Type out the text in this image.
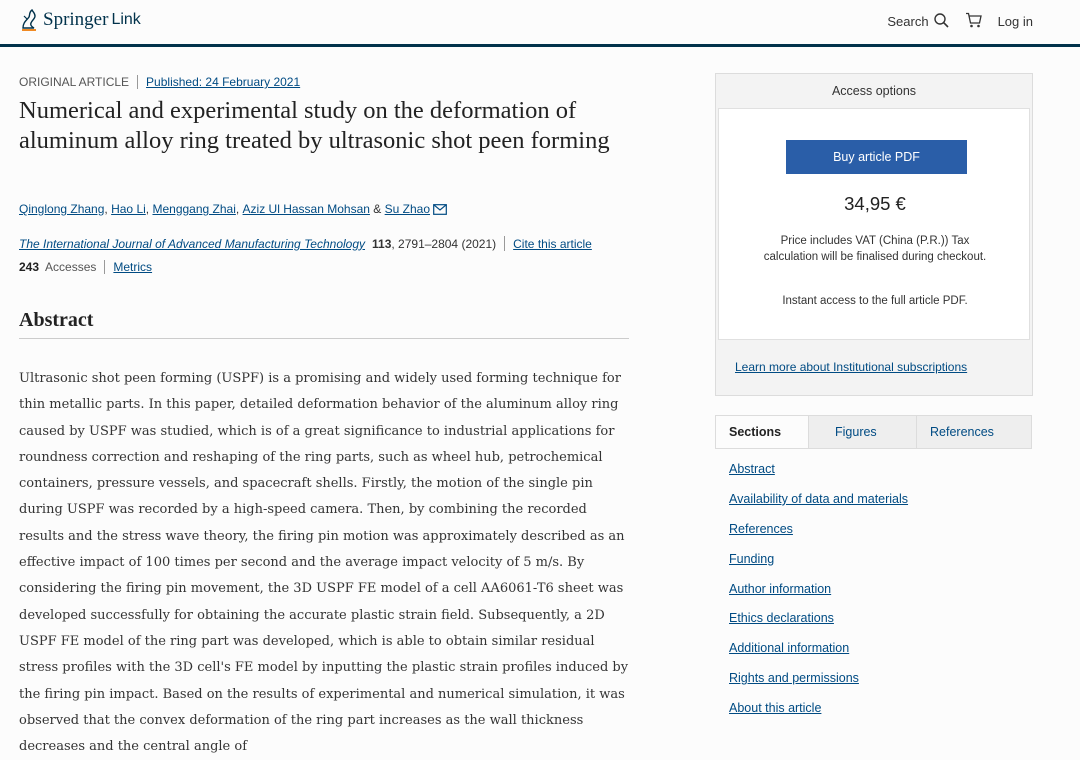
Springer Link	Search	Log in
ORIGINAL ARTICLE Published: 24 February 2021
Numerical and experimental study on the deformation of aluminum alloy ring treated by ultrasonic shot peen forming
Qinglong Zhang ,
Hao Li ,
Menggang Zhai ,
Aziz Ul Hassan Mohsan
&
Su Zhao
The International Journal of Advanced Manufacturing Technology 113 , 2791–2804 (2021) Cite this article
243 Accesses Metrics
Abstract

Ultrasonic shot peen forming (USPF) is a promising and widely used forming technique for thin metallic parts. In this paper, detailed deformation behavior of the aluminum alloy ring caused by USPF was studied, which is of a great significance to industrial applications for roundness correction and reshaping of the ring parts, such as wheel hub, petrochemical containers, pressure vessels, and spacecraft shells. Firstly, the motion of the single pin during USPF was recorded by a high-speed camera. Then, by combining the recorded results and the stress wave theory, the firing pin motion was approximately described as an effective impact of 100 times per second and the average impact velocity of 5 m/s. By considering the firing pin movement, the 3D USPF FE model of a cell AA6061-T6 sheet was developed successfully for obtaining the accurate plastic strain field. Subsequently, a 2D USPF FE model of the ring part was developed, which is able to obtain similar residual stress profiles with the 3D cell's FE model by inputting the plastic strain profiles induced by the firing pin impact. Based on the results of experimental and numerical simulation, it was observed that the convex deformation of the ring part increases as the wall thickness decreases and the central angle of

Access options
Buy article PDF
34,95 €
Price includes VAT (China (P.R.)) Tax calculation will be finalised during checkout.
Instant access to the full article PDF.
Learn more about Institutional subscriptions
Sections	Figures	References
Abstract
Availability of data and materials
References
Funding
Author information
Ethics declarations
Additional information
Rights and permissions
About this article
